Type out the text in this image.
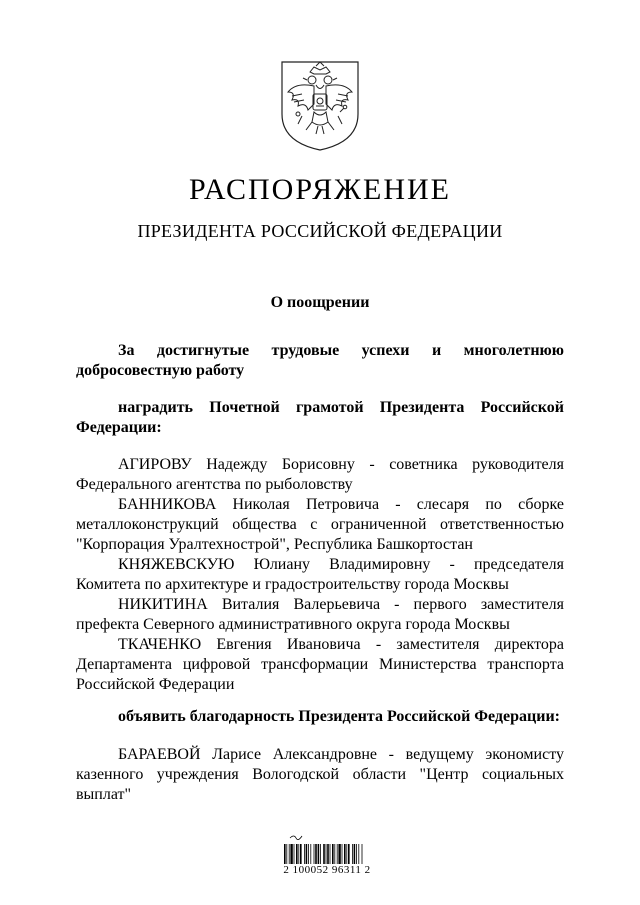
РАСПОРЯЖЕНИЕ
ПРЕЗИДЕНТА РОССИЙСКОЙ ФЕДЕРАЦИИ
О поощрении
За достигнутые трудовые успехи и многолетнюю добросовестную работу
наградить Почетной грамотой Президента Российской Федерации:

АГИРОВУ Надежду Борисовну - советника руководителя Федерального агентства по рыболовству

БАННИКОВА Николая Петровича - слесаря по сборке металлоконструкций общества с ограниченной ответственностью "Корпорация Уралтехнострой", Республика Башкортостан

КНЯЖЕВСКУЮ Юлиану Владимировну - председателя Комитета по архитектуре и градостроительству города Москвы

НИКИТИНА Виталия Валерьевича - первого заместителя префекта Северного административного округа города Москвы

ТКАЧЕНКО Евгения Ивановича - заместителя директора Департамента цифровой трансформации Министерства транспорта Российской Федерации

объявить благодарность Президента Российской Федерации:

БАРАЕВОЙ Ларисе Александровне - ведущему экономисту казенного учреждения Вологодской области "Центр социальных выплат"

2 100052 96311 2
